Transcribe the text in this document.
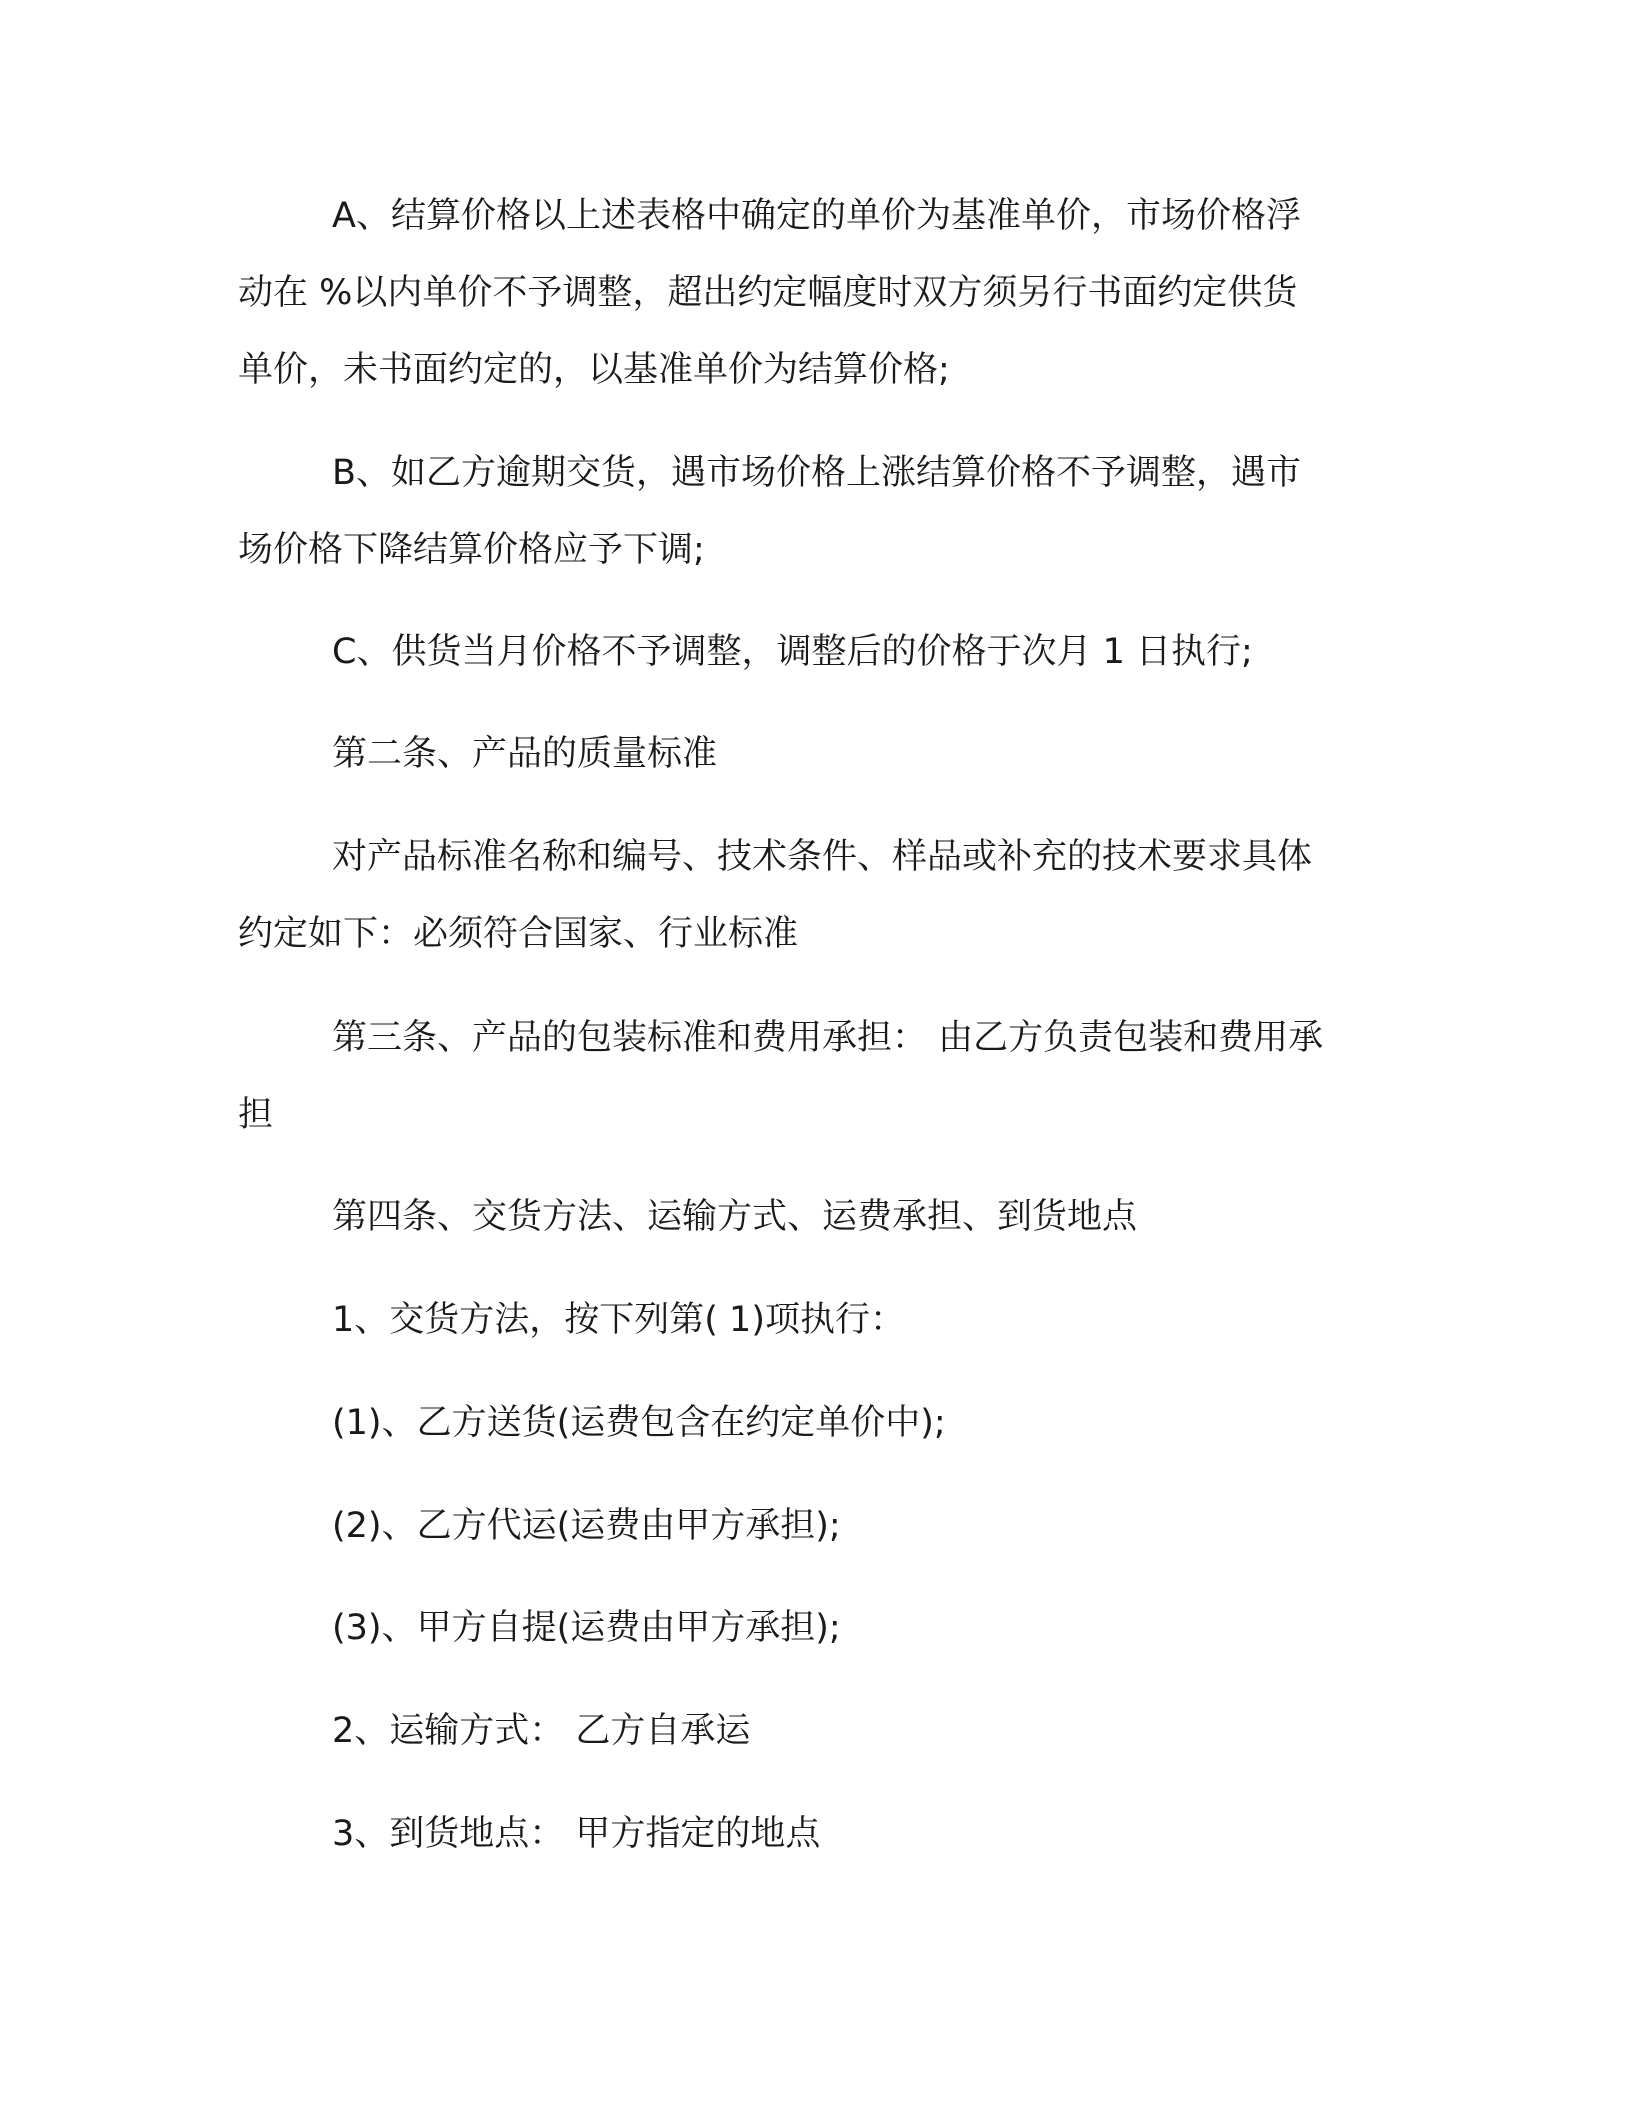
A、结算价格以上述表格中确定的单价为基准单价，市场价格浮
动在 %以内单价不予调整，超出约定幅度时双方须另行书面约定供货
单价，未书面约定的，以基准单价为结算价格;
B、如乙方逾期交货，遇市场价格上涨结算价格不予调整，遇市
场价格下降结算价格应予下调;
C、供货当月价格不予调整，调整后的价格于次月 1 日执行;
第二条、产品的质量标准
对产品标准名称和编号、技术条件、样品或补充的技术要求具体
约定如下：必须符合国家、行业标准
第三条、产品的包装标准和费用承担： 由乙方负责包装和费用承
担
第四条、交货方法、运输方式、运费承担、到货地点
1、交货方法，按下列第( 1)项执行：
(1)、乙方送货(运费包含在约定单价中);
(2)、乙方代运(运费由甲方承担);
(3)、甲方自提(运费由甲方承担);
2、运输方式： 乙方自承运
3、到货地点： 甲方指定的地点
